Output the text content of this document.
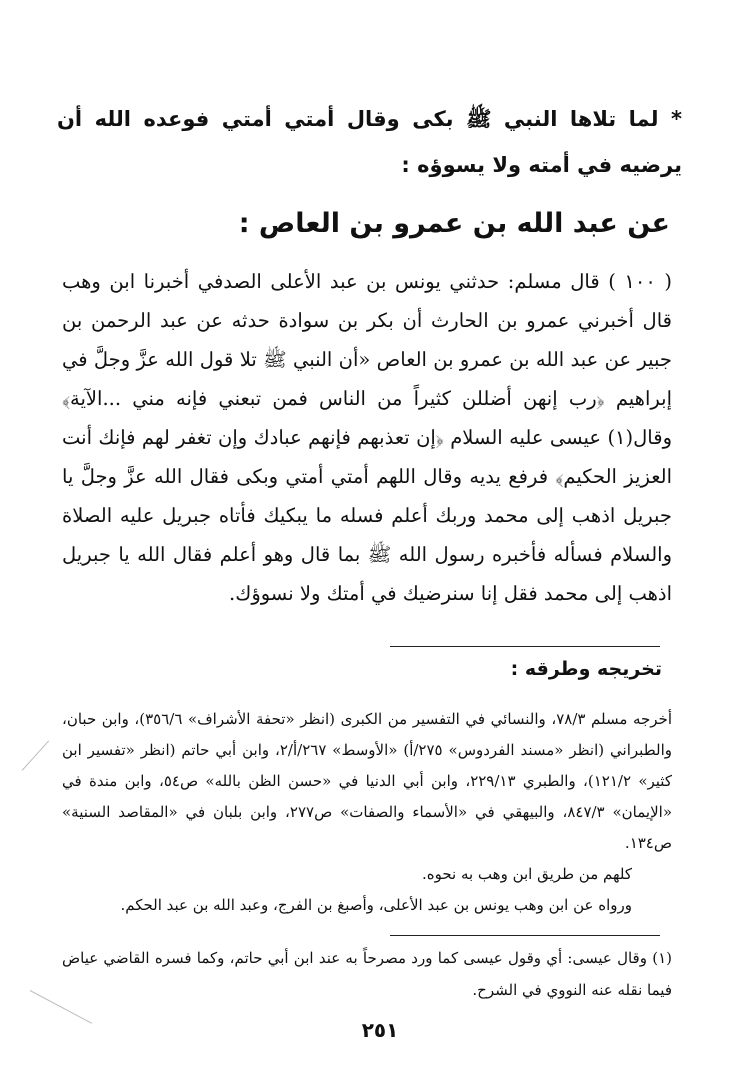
* لما تلاها النبي ﷺ بكى وقال أمتي أمتي فوعده الله أن يرضيه في أمته ولا يسوؤه :
عن عبد الله بن عمرو بن العاص :
( ١٠٠ ) قال مسلم: حدثني يونس بن عبد الأعلى الصدفي أخبرنا ابن وهب قال أخبرني عمرو بن الحارث أن بكر بن سوادة حدثه عن عبد الرحمن بن جبير عن عبد الله بن عمرو بن العاص «أن النبي ﷺ تلا قول الله عزَّ وجلَّ في إبراهيم ﴿رب إنهن أضللن كثيراً من الناس فمن تبعني فإنه مني ...الآية﴾ وقال(١) عيسى عليه السلام ﴿إن تعذبهم فإنهم عبادك وإن تغفر لهم فإنك أنت العزيز الحكيم﴾ فرفع يديه وقال اللهم أمتي أمتي وبكى فقال الله عزَّ وجلَّ يا جبريل اذهب إلى محمد وربك أعلم فسله ما يبكيك فأتاه جبريل عليه الصلاة والسلام فسأله فأخبره رسول الله ﷺ بما قال وهو أعلم فقال الله يا جبريل اذهب إلى محمد فقل إنا سنرضيك في أمتك ولا نسوؤك.
تخريجه وطرقه :

أخرجه مسلم ٧٨/٣، والنسائي في التفسير من الكبرى (انظر «تحفة الأشراف» ٣٥٦/٦)، وابن حبان، والطبراني (انظر «مسند الفردوس» ٢٧٥/أ) «الأوسط» ٢٦٧/أ/٢، وابن أبي حاتم (انظر «تفسير ابن كثير» ١٢١/٢)، والطبري ٢٢٩/١٣، وابن أبي الدنيا في «حسن الظن بالله» ص٥٤، وابن مندة في «الإيمان» ٨٤٧/٣، والبيهقي في «الأسماء والصفات» ص٢٧٧، وابن بلبان في «المقاصد السنية» ص١٣٤.

كلهم من طريق ابن وهب به نحوه.

ورواه عن ابن وهب يونس بن عبد الأعلى، وأصبغ بن الفرج، وعبد الله بن عبد الحكم.

(١) وقال عيسى: أي وقول عيسى كما ورد مصرحاً به عند ابن أبي حاتم، وكما فسره القاضي عياض فيما نقله عنه النووي في الشرح.
٢٥١
